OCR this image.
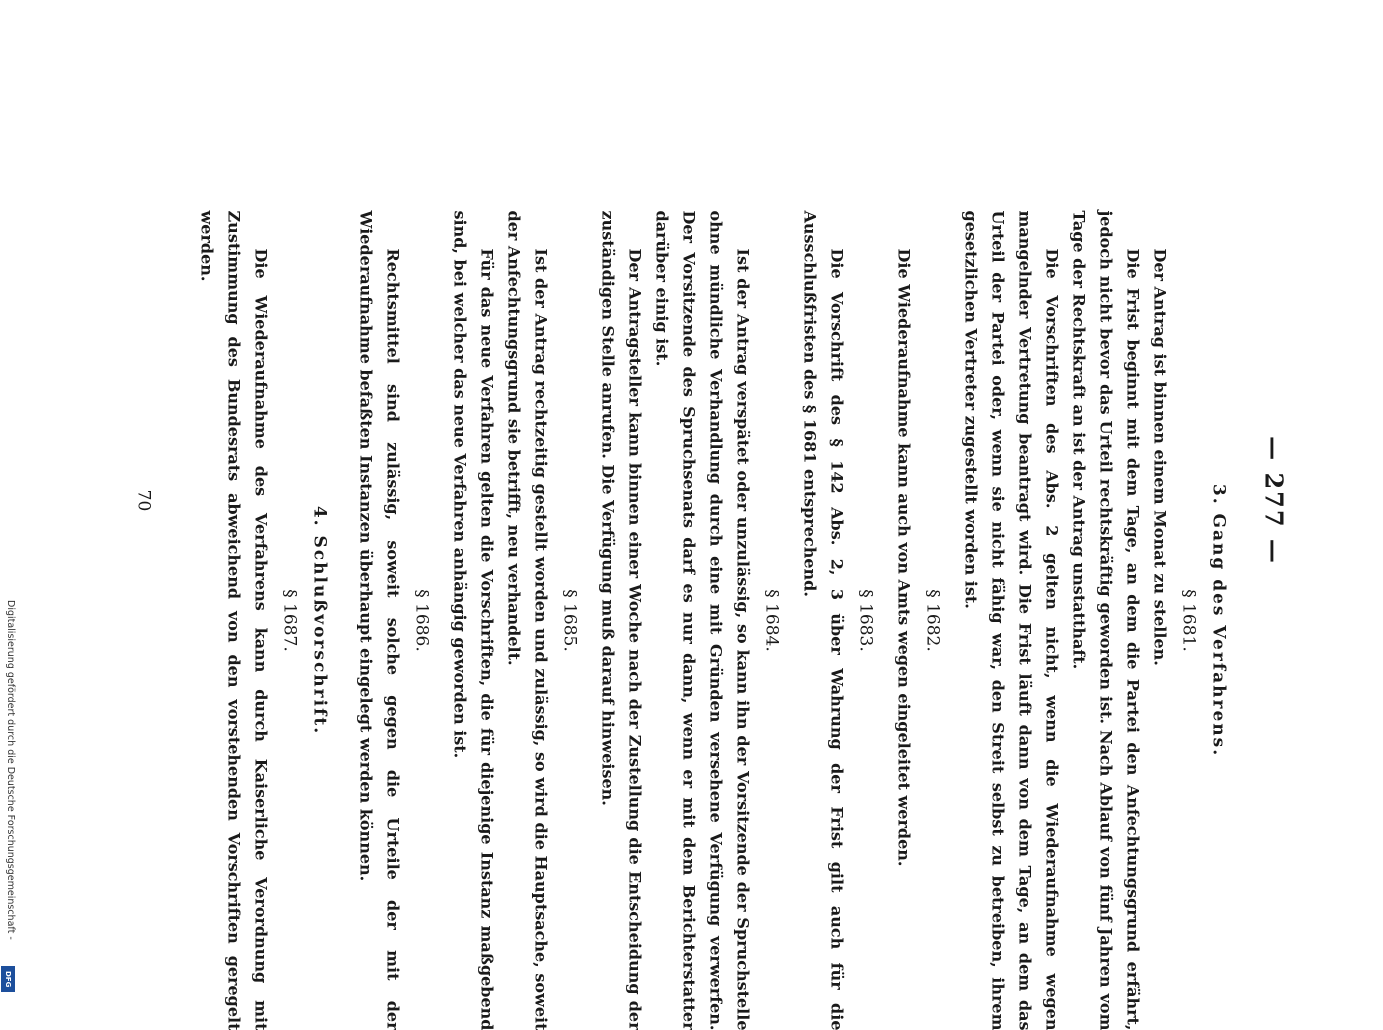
— 277 —
3. Gang des Verfahrens.
§ 1681.

Der Antrag ist binnen einem Monat zu stellen.

Die Frist beginnt mit dem Tage, an dem die Partei den Anfechtungsgrund erfährt, jedoch nicht bevor das Urteil rechtskräftig geworden ist. Nach Ablauf von fünf Jahren vom Tage der Rechtskraft an ist der Antrag unstatthaft.

Die Vorschriften des Abs. 2 gelten nicht, wenn die Wiederaufnahme wegen mangelnder Vertretung beantragt wird. Die Frist läuft dann von dem Tage, an dem das Urteil der Partei oder, wenn sie nicht fähig war, den Streit selbst zu betreiben, ihrem gesetzlichen Vertreter zugestellt worden ist.

§ 1682.

Die Wiederaufnahme kann auch von Amts wegen eingeleitet werden.

§ 1683.

Die Vorschrift des § 142 Abs. 2, 3 über Wahrung der Frist gilt auch für die Ausschlußfristen des § 1681 entsprechend.

§ 1684.

Ist der Antrag verspätet oder unzulässig, so kann ihn der Vorsitzende der Spruchstelle ohne mündliche Verhandlung durch eine mit Gründen versehene Verfügung verwerfen. Der Vorsitzende des Spruchsenats darf es nur dann, wenn er mit dem Berichterstatter darüber einig ist.

Der Antragsteller kann binnen einer Woche nach der Zustellung die Entscheidung der zuständigen Stelle anrufen. Die Verfügung muß darauf hinweisen.

§ 1685.

Ist der Antrag rechtzeitig gestellt worden und zulässig, so wird die Hauptsache, soweit der Anfechtungsgrund sie betrifft, neu verhandelt.

Für das neue Verfahren gelten die Vorschriften, die für diejenige Instanz maßgebend sind, bei welcher das neue Verfahren anhängig geworden ist.

§ 1686.

Rechtsmittel sind zulässig, soweit solche gegen die Urteile der mit der Wiederaufnahme befaßten Instanzen überhaupt eingelegt werden können.

4. Schlußvorschrift.
§ 1687.

Die Wiederaufnahme des Verfahrens kann durch Kaiserliche Verordnung mit Zustimmung des Bundesrats abweichend von den vorstehenden Vorschriften geregelt werden.

70
Digitalisierung gefördert durch die Deutsche Forschungsgemeinschaft -
DFG
